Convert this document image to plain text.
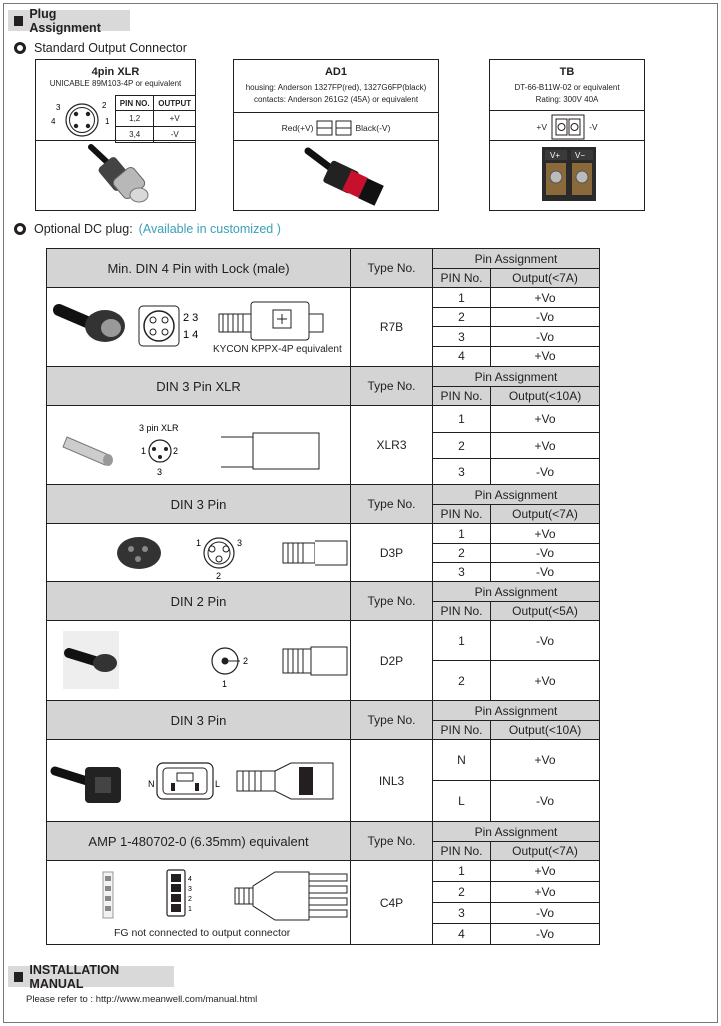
Plug Assignment
Standard Output Connector
4pin XLR
UNICABLE 89M103-4P or equivalent
3	2
4	1
PIN NO.	OUTPUT
1,2	+V
3,4	-V
AD1
housing: Anderson 1327FP(red), 1327G6FP(black)
contacts: Anderson 261G2 (45A) or equivalent
Red(+V)	Black(-V)
TB
DT-66-B11W-02 or equivalent
Rating: 300V 40A
+V	-V
V+ V−
Optional DC plug: (Available in customized )
Min. DIN 4 Pin with Lock (male)	Type No.	Pin Assignment	
		PIN No.	Output(<7A)

2 3
1 4
KYCON KPPX-4P equivalent	R7B	1	+Vo
		2	-Vo
		3	-Vo
		4	+Vo
DIN 3 Pin XLR	Type No.	Pin Assignment	
		PIN No.	Output(<10A)

3 pin XLR
1 2
3	XLR3	1	+Vo
		2	+Vo
		3	-Vo
DIN 3 Pin	Type No.	Pin Assignment	
		PIN No.	Output(<7A)

1 3
2	D3P	1	+Vo
		2	-Vo
		3	-Vo
DIN 2 Pin	Type No.	Pin Assignment	
		PIN No.	Output(<5A)

2
1	D2P	1	-Vo
		2	+Vo
DIN 3 Pin	Type No.	Pin Assignment	
		PIN No.	Output(<10A)

N L	INL3	N	+Vo
		L	-Vo
AMP 1-480702-0 (6.35mm) equivalent	Type No.	Pin Assignment	
		PIN No.	Output(<7A)

4
3
2
1
FG not connected to output connector	C4P	1	+Vo
		2	+Vo
		3	-Vo
		4	-Vo
INSTALLATION MANUAL
Please refer to : http://www.meanwell.com/manual.html
